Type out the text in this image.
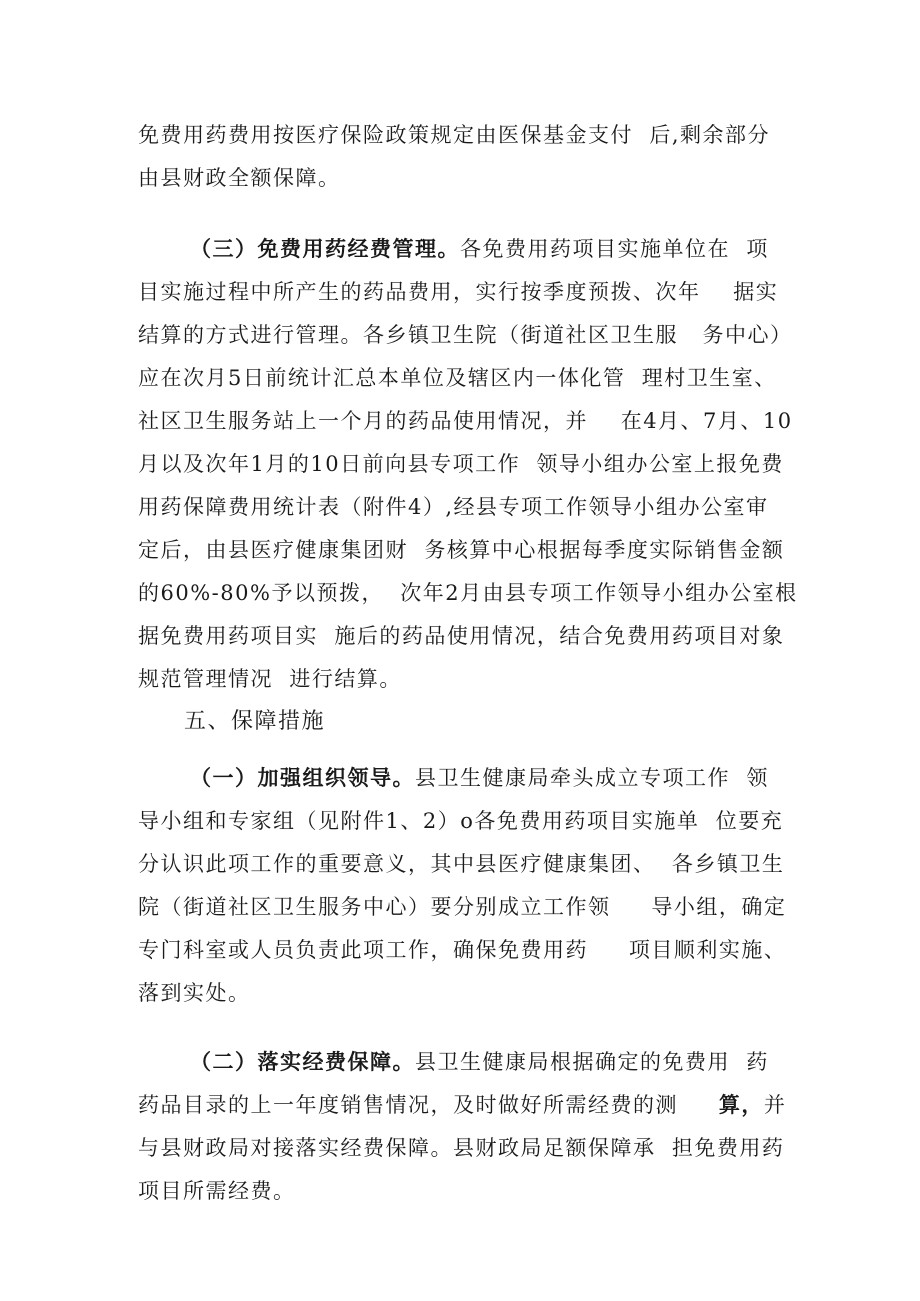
免费用药费用按医疗保险政策规定由医保基金支付  后,剩余部分
由县财政全额保障。
（三）免费用药经费管理。各免费用药项目实施单位在  项
目实施过程中所产生的药品费用，实行按季度预拨、次年    据实
结算的方式进行管理。各乡镇卫生院（街道社区卫生服   务中心）
应在次月5日前统计汇总本单位及辖区内一体化管  理村卫生室、
社区卫生服务站上一个月的药品使用情况，并    在4月、7月、10
月以及次年1月的10日前向县专项工作  领导小组办公室上报免费
用药保障费用统计表（附件4）,经县专项工作领导小组办公室审
定后，由县医疗健康集团财  务核算中心根据每季度实际销售金额
的60%-80%予以预拨，  次年2月由县专项工作领导小组办公室根
据免费用药项目实  施后的药品使用情况，结合免费用药项目对象
规范管理情况  进行结算。
五、保障措施
（一）加强组织领导。县卫生健康局牵头成立专项工作  领
导小组和专家组（见附件1、2）o各免费用药项目实施单  位要充
分认识此项工作的重要意义，其中县医疗健康集团、  各乡镇卫生
院（街道社区卫生服务中心）要分别成立工作领     导小组，确定
专门科室或人员负责此项工作，确保免费用药     项目顺利实施、
落到实处。
（二）落实经费保障。县卫生健康局根据确定的免费用  药
药品目录的上一年度销售情况，及时做好所需经费的测     算，并
与县财政局对接落实经费保障。县财政局足额保障承  担免费用药
项目所需经费。
